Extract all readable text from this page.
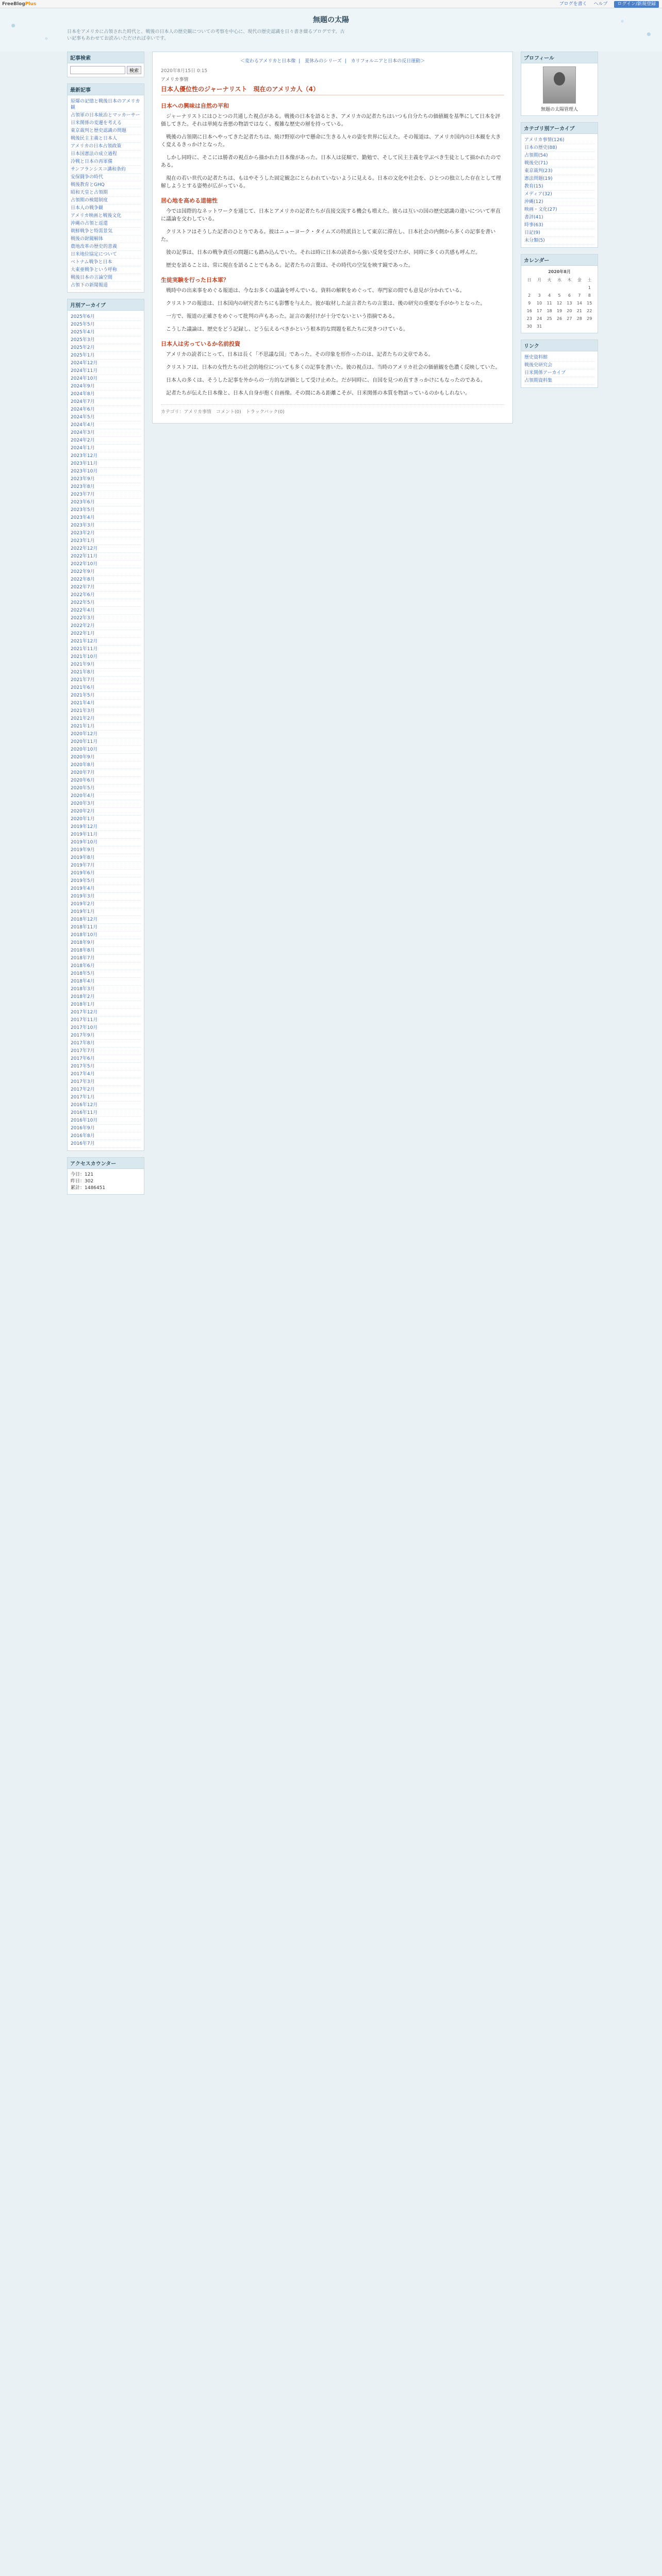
FreeBlogPlus	ブログを書く ヘルプ ログイン/新規登録
無題の太陽
日本をアメリカに占領された時代と、戦後の日本人の歴史観についての考察を中心に、現代の歴史認識を日々書き綴るブログです。古い記事もあわせてお読みいただければ幸いです。
記事検索
検索
最新記事
原爆の記憶と戦後日本のアメリカ観
占領軍の日本統治とマッカーサー
日米関係の変遷を考える
東京裁判と歴史認識の問題
戦後民主主義と日本人
アメリカの日本占領政策
日本国憲法の成立過程
冷戦と日本の再軍備
サンフランシスコ講和条約
安保闘争の時代
戦後教育とGHQ
昭和天皇と占領期
占領期の検閲制度
日本人の戦争観
アメリカ映画と戦後文化
沖縄の占領と返還
朝鮮戦争と特需景気
戦後の財閥解体
農地改革の歴史的意義
日米地位協定について
ベトナム戦争と日本
大東亜戦争という呼称
戦後日本の言論空間
占領下の新聞報道
月別アーカイブ
2025年6月
2025年5月
2025年4月
2025年3月
2025年2月
2025年1月
2024年12月
2024年11月
2024年10月
2024年9月
2024年8月
2024年7月
2024年6月
2024年5月
2024年4月
2024年3月
2024年2月
2024年1月
2023年12月
2023年11月
2023年10月
2023年9月
2023年8月
2023年7月
2023年6月
2023年5月
2023年4月
2023年3月
2023年2月
2023年1月
2022年12月
2022年11月
2022年10月
2022年9月
2022年8月
2022年7月
2022年6月
2022年5月
2022年4月
2022年3月
2022年2月
2022年1月
2021年12月
2021年11月
2021年10月
2021年9月
2021年8月
2021年7月
2021年6月
2021年5月
2021年4月
2021年3月
2021年2月
2021年1月
2020年12月
2020年11月
2020年10月
2020年9月
2020年8月
2020年7月
2020年6月
2020年5月
2020年4月
2020年3月
2020年2月
2020年1月
2019年12月
2019年11月
2019年10月
2019年9月
2019年8月
2019年7月
2019年6月
2019年5月
2019年4月
2019年3月
2019年2月
2019年1月
2018年12月
2018年11月
2018年10月
2018年9月
2018年8月
2018年7月
2018年6月
2018年5月
2018年4月
2018年3月
2018年2月
2018年1月
2017年12月
2017年11月
2017年10月
2017年9月
2017年8月
2017年7月
2017年6月
2017年5月
2017年4月
2017年3月
2017年2月
2017年1月
2016年12月
2016年11月
2016年10月
2016年9月
2016年8月
2016年7月
アクセスカウンター
今日：121
昨日：302
累計：1486451
＜変わるアメリカと日本像 | 夏休みのシリーズ | カリフォルニアと日本の反日運動＞
2020年8月15日 0:15
アメリカ事情
日本人優位性のジャーナリスト　現在のアメリカ人（4）
日本への興味は自然の平和

ジャーナリストにはひとつの共通した視点がある。戦後の日本を語るとき、アメリカの記者たちはいつも自分たちの価値観を基準にして日本を評価してきた。それは単純な善悪の物語ではなく、複雑な歴史の層を持っている。

戦後の占領期に日本へやってきた記者たちは、焼け野原の中で懸命に生きる人々の姿を世界に伝えた。その報道は、アメリカ国内の日本観を大きく変えるきっかけとなった。

しかし同時に、そこには勝者の視点から描かれた日本像があった。日本人は従順で、勤勉で、そして民主主義を学ぶべき生徒として描かれたのである。

現在の若い世代の記者たちは、もはやそうした固定観念にとらわれていないように見える。日本の文化や社会を、ひとつの独立した存在として理解しようとする姿勢が広がっている。

居心地を高める道徳性

今では国際的なネットワークを通じて、日本とアメリカの記者たちが直接交流する機会も増えた。彼らは互いの国の歴史認識の違いについて率直に議論を交わしている。

クリストフはそうした記者のひとりである。彼はニューヨーク・タイムズの特派員として東京に滞在し、日本社会の内側から多くの記事を書いた。

彼の記事は、日本の戦争責任の問題にも踏み込んでいた。それは時に日本の読者から強い反発を受けたが、同時に多くの共感も呼んだ。

歴史を語ることは、常に現在を語ることでもある。記者たちの言葉は、その時代の空気を映す鏡であった。

生徒実験を行った日本軍？

戦時中の出来事をめぐる報道は、今なお多くの議論を呼んでいる。資料の解釈をめぐって、専門家の間でも意見が分かれている。

クリストフの報道は、日本国内の研究者たちにも影響を与えた。彼が取材した証言者たちの言葉は、後の研究の重要な手がかりとなった。

一方で、報道の正確さをめぐって批判の声もあった。証言の裏付けが十分でないという指摘である。

こうした議論は、歴史をどう記録し、どう伝えるべきかという根本的な問題を私たちに突きつけている。

日本人は劣っているか名前投資

アメリカの読者にとって、日本は長く「不思議な国」であった。その印象を形作ったのは、記者たちの文章である。

クリストフは、日本の女性たちの社会的地位についても多くの記事を書いた。彼の視点は、当時のアメリカ社会の価値観を色濃く反映していた。

日本人の多くは、そうした記事を外からの一方的な評価として受け止めた。だが同時に、自国を見つめ直すきっかけにもなったのである。

記者たちが伝えた日本像と、日本人自身が抱く自画像。その間にある距離こそが、日米関係の本質を物語っているのかもしれない。

カテゴリ：アメリカ事情　コメント(0)　トラックバック(0)
プロフィール
無題の太陽管理人
カテゴリ別アーカイブ
アメリカ事情(126)
日本の歴史(88)
占領期(54)
戦後史(71)
東京裁判(23)
憲法問題(19)
教育(15)
メディア(32)
沖縄(12)
映画・文化(27)
書評(41)
時事(63)
日記(9)
未分類(5)
カレンダー
2020年8月
日	月	火	水	木	金	土
						1
2	3	4	5	6	7	8
9	10	11	12	13	14	15
16	17	18	19	20	21	22
23	24	25	26	27	28	29
30	31					
リンク
歴史資料館
戦後史研究会
日米関係アーカイブ
占領期資料集
